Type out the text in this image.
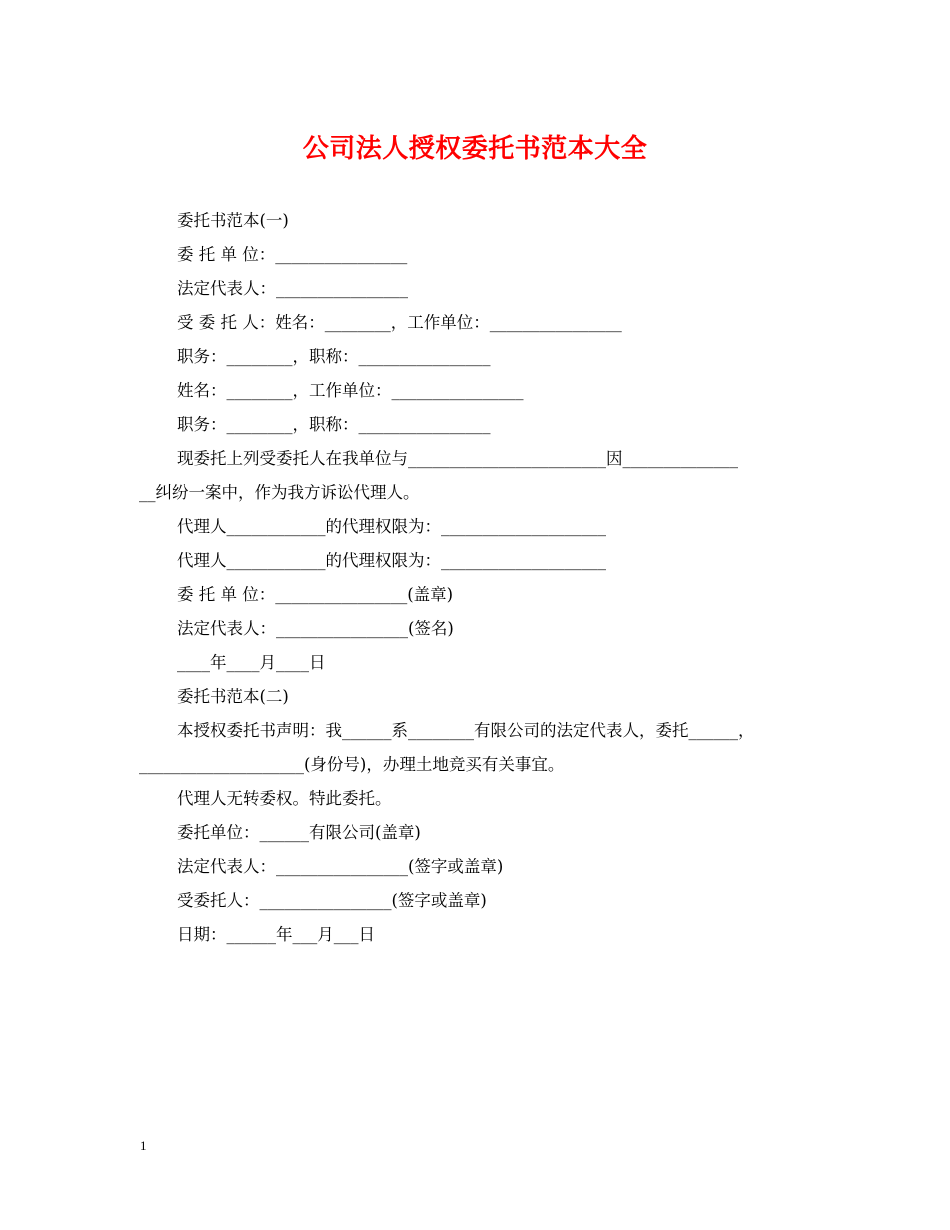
公司法人授权委托书范本大全
委托书范本(一)
委 托 单 位：________________
法定代表人：________________
受 委 托 人：姓名：________，工作单位：________________
职务：________，职称：________________
姓名：________，工作单位：________________
职务：________，职称：________________
现委托上列受委托人在我单位与________________________因______________
__纠纷一案中，作为我方诉讼代理人。
代理人____________的代理权限为：____________________
代理人____________的代理权限为：____________________
委 托 单 位：________________(盖章)
法定代表人：________________(签名)
____年____月____日
委托书范本(二)
本授权委托书声明：我______系________有限公司的法定代表人，委托______，
____________________(身份号)，办理土地竞买有关事宜。
代理人无转委权。特此委托。
委托单位：______有限公司(盖章)
法定代表人：________________(签字或盖章)
受委托人：________________(签字或盖章)
日期：______年___月___日
1
